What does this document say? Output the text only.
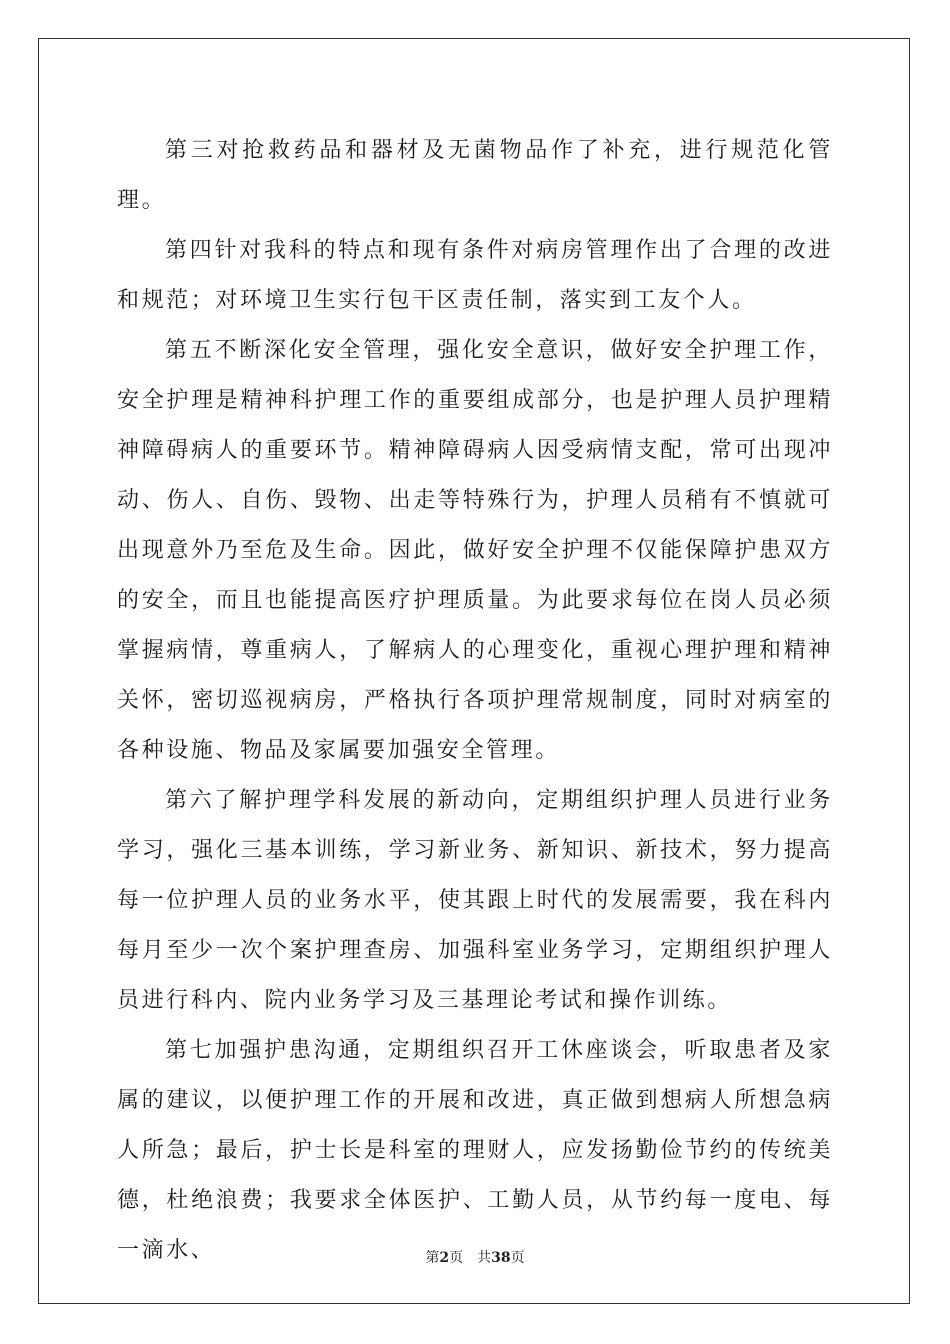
第三对抢救药品和器材及无菌物品作了补充，进行规范化管理。

第四针对我科的特点和现有条件对病房管理作出了合理的改进和规范；对环境卫生实行包干区责任制，落实到工友个人。

第五不断深化安全管理，强化安全意识，做好安全护理工作，安全护理是精神科护理工作的重要组成部分，也是护理人员护理精神障碍病人的重要环节。精神障碍病人因受病情支配，常可出现冲动、伤人、自伤、毁物、出走等特殊行为，护理人员稍有不慎就可出现意外乃至危及生命。因此，做好安全护理不仅能保障护患双方的安全，而且也能提高医疗护理质量。为此要求每位在岗人员必须掌握病情，尊重病人，了解病人的心理变化，重视心理护理和精神关怀，密切巡视病房，严格执行各项护理常规制度，同时对病室的各种设施、物品及家属要加强安全管理。

第六了解护理学科发展的新动向，定期组织护理人员进行业务学习，强化三基本训练，学习新业务、新知识、新技术，努力提高每一位护理人员的业务水平，使其跟上时代的发展需要，我在科内每月至少一次个案护理查房、加强科室业务学习，定期组织护理人员进行科内、院内业务学习及三基理论考试和操作训练。

第七加强护患沟通，定期组织召开工休座谈会，听取患者及家属的建议，以便护理工作的开展和改进，真正做到想病人所想急病人所急；最后，护士长是科室的理财人，应发扬勤俭节约的传统美德，杜绝浪费；我要求全体医护、工勤人员，从节约每一度电、每一滴水、	第2页 共38页
